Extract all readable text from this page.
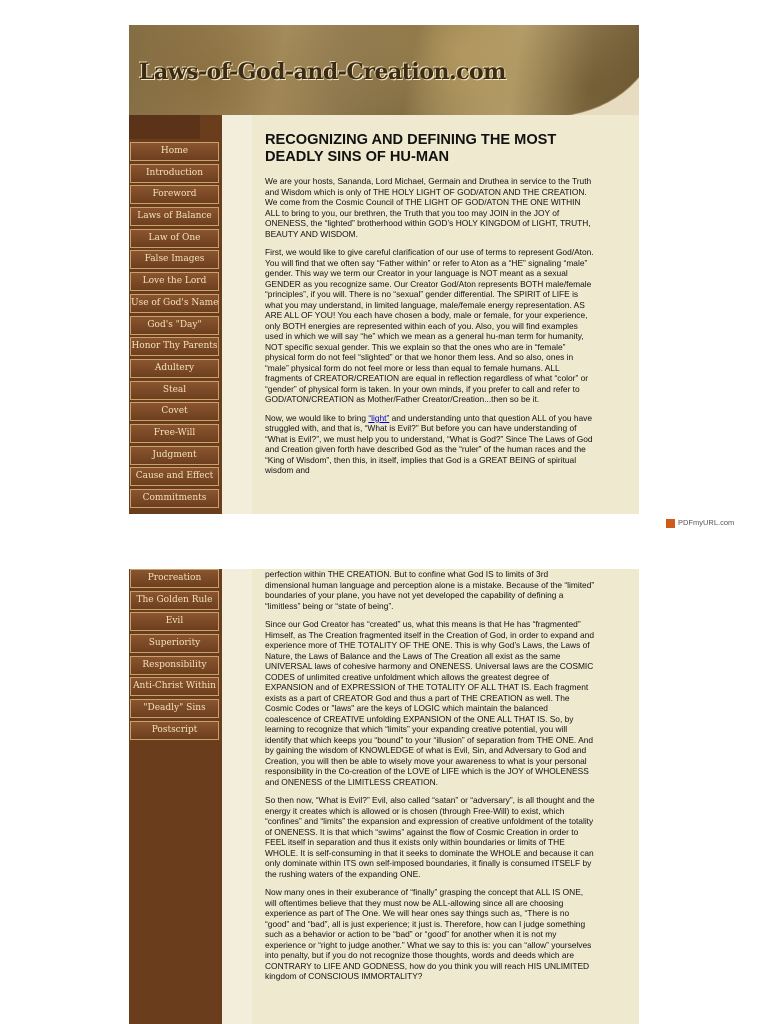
Laws-of-God-and-Creation.com
Home
Introduction
Foreword
Laws of Balance
Law of One
False Images
Love the Lord
Use of God's Name
God's "Day"
Honor Thy Parents
Adultery
Steal
Covet
Free-Will
Judgment
Cause and Effect
Commitments
RECOGNIZING AND DEFINING THE MOST DEADLY SINS OF HU-MAN

We are your hosts, Sananda, Lord Michael, Germain and Druthea in service to the Truth and Wisdom which is only of THE HOLY LIGHT OF GOD/ATON AND THE CREATION. We come from the Cosmic Council of THE LIGHT OF GOD/ATON THE ONE WITHIN ALL to bring to you, our brethren, the Truth that you too may JOIN in the JOY of ONENESS, the “lighted” brotherhood within GOD’s HOLY KINGDOM of LIGHT, TRUTH, BEAUTY AND WISDOM.

First, we would like to give careful clarification of our use of terms to represent God/Aton. You will find that we often say “Father within” or refer to Aton as a “HE” signaling “male” gender. This way we term our Creator in your language is NOT meant as a sexual GENDER as you recognize same. Our Creator God/Aton represents BOTH male/female “principles”, if you will. There is no “sexual” gender differential. The SPIRIT of LIFE is what you may understand, in limited language, male/female energy representation. AS ARE ALL OF YOU! You each have chosen a body, male or female, for your experience, only BOTH energies are represented within each of you. Also, you will find examples used in which we will say “he” which we mean as a general hu-man term for humanity, NOT specific sexual gender. This we explain so that the ones who are in “female” physical form do not feel “slighted” or that we honor them less. And so also, ones in “male” physical form do not feel more or less than equal to female humans. ALL fragments of CREATOR/CREATION are equal in reflection regardless of what “color” or “gender” of physical form is taken. In your own minds, if you prefer to call and refer to GOD/ATON/CREATION as Mother/Father Creator/Creation...then so be it.

Now, we would like to bring “light” and understanding unto that question ALL of you have struggled with, and that is, “What is Evil?” But before you can have understanding of “What is Evil?”, we must help you to understand, “What is God?” Since The Laws of God and Creation given forth have described God as the “ruler” of the human races and the “King of Wisdom”, then this, in itself, implies that God is a GREAT BEING of spiritual wisdom and

PDFmyURL.com
Procreation
The Golden Rule
Evil
Superiority
Responsibility
Anti-Christ Within
"Deadly" Sins
Postscript

perfection within THE CREATION. But to confine what God IS to limits of 3rd dimensional human language and perception alone is a mistake. Because of the “limited” boundaries of your plane, you have not yet developed the capability of defining a “limitless” being or “state of being”.

Since our God Creator has “created” us, what this means is that He has “fragmented” Himself, as The Creation fragmented itself in the Creation of God, in order to expand and experience more of THE TOTALITY OF THE ONE. This is why God’s Laws, the Laws of Nature, the Laws of Balance and the Laws of The Creation all exist as the same UNIVERSAL laws of cohesive harmony and ONENESS. Universal laws are the COSMIC CODES of unlimited creative unfoldment which allows the greatest degree of EXPANSION and of EXPRESSION of THE TOTALITY OF ALL THAT IS. Each fragment exists as a part of CREATOR God and thus a part of THE CREATION as well. The Cosmic Codes or "laws" are the keys of LOGIC which maintain the balanced coalescence of CREATIVE unfolding EXPANSION of the ONE ALL THAT IS. So, by learning to recognize that which “limits” your expanding creative potential, you will identify that which keeps you “bound” to your “illusion” of separation from THE ONE. And by gaining the wisdom of KNOWLEDGE of what is Evil, Sin, and Adversary to God and Creation, you will then be able to wisely move your awareness to what is your personal responsibility in the Co-creation of the LOVE of LIFE which is the JOY of WHOLENESS and ONENESS of the LIMITLESS CREATION.

So then now, “What is Evil?” Evil, also called “satan” or “adversary”, is all thought and the energy it creates which is allowed or is chosen (through Free-Will) to exist, which “confines” and “limits” the expansion and expression of creative unfoldment of the totality of ONENESS. It is that which “swims” against the flow of Cosmic Creation in order to FEEL itself in separation and thus it exists only within boundaries or limits of THE WHOLE. It is self-consuming in that it seeks to dominate the WHOLE and because it can only dominate within ITS own self-imposed boundaries, it finally is consumed ITSELF by the rushing waters of the expanding ONE.

Now many ones in their exuberance of “finally” grasping the concept that ALL IS ONE, will oftentimes believe that they must now be ALL-allowing since all are choosing experience as part of The One. We will hear ones say things such as, “There is no “good” and “bad”, all is just experience; it just is. Therefore, how can I judge something such as a behavior or action to be “bad” or “good” for another when it is not my experience or “right to judge another.” What we say to this is: you can “allow” yourselves into penalty, but if you do not recognize those thoughts, words and deeds which are CONTRARY to LIFE AND GODNESS, how do you think you will reach HIS UNLIMITED kingdom of CONSCIOUS IMMORTALITY?
